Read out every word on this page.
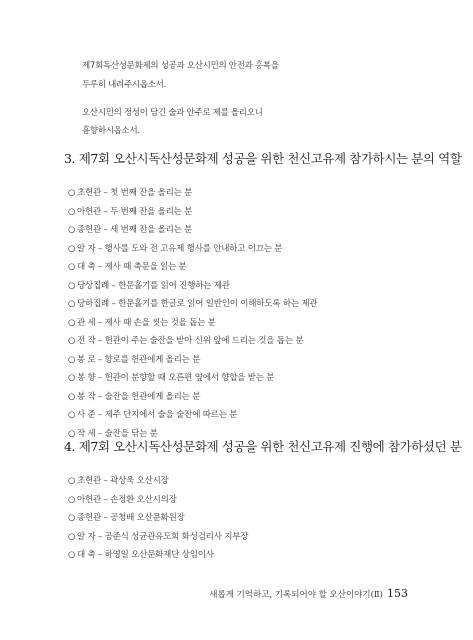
제7회독산성문화제의 성공과 오산시민의 안전과 홍복을
두루히 내려주시옵소서.
오산시민의 정성이 담긴 술과 안주로 제를 올리오니
흠향하시옵소서.
3. 제7회 오산시독산성문화제 성공을 위한 천신고유제 참가하시는 분의 역할
○ 초헌관 – 첫 번째 잔을 올리는 분
○ 아헌관 – 두 번째 잔을 올리는 분
○ 종헌관 – 세 번째 잔을 올리는 분
○ 알 자 – 행사를 도와 전 고유제 행사를 안내하고 이끄는 분
○ 대 축 – 제사 때 축문을 읽는 분
○ 당상집례 – 한문홀기를 읽어 진행하는 제관
○ 당하집례 – 한문홀기를 한글로 읽어 일반인이 이해하도록 하는 제관
○ 관 세 – 제사 때 손을 씻는 것을 돕는 분
○ 전 작 – 헌관이 주는 술잔을 받아 신위 앞에 드리는 것을 돕는 분
○ 봉 로 – 향로를 헌관에게 올리는 분
○ 봉 향 – 헌관이 분향할 때 오른편 옆에서 향합을 받는 분
○ 봉 작 – 술잔을 헌관에게 올리는 분
○ 사 준 – 제주 단지에서 술을 술잔에 따르는 분
○ 작 세 – 술잔을 닦는 분
4. 제7회 오산시독산성문화제 성공을 위한 천신고유제 진행에 참가하셨던 분
○ 초헌관 – 곽상욱 오산시장
○ 아헌관 – 손정환 오산시의장
○ 종헌관 – 공청배 오산문화원장
○ 알 자 – 공준식 성균관유도회 화성검리사 지부장
○ 대 축 – 하영일 오산문화재단 상임이사
새롭게 기억하고, 기록되어야 할 오산이야기(Ⅱ) 153
